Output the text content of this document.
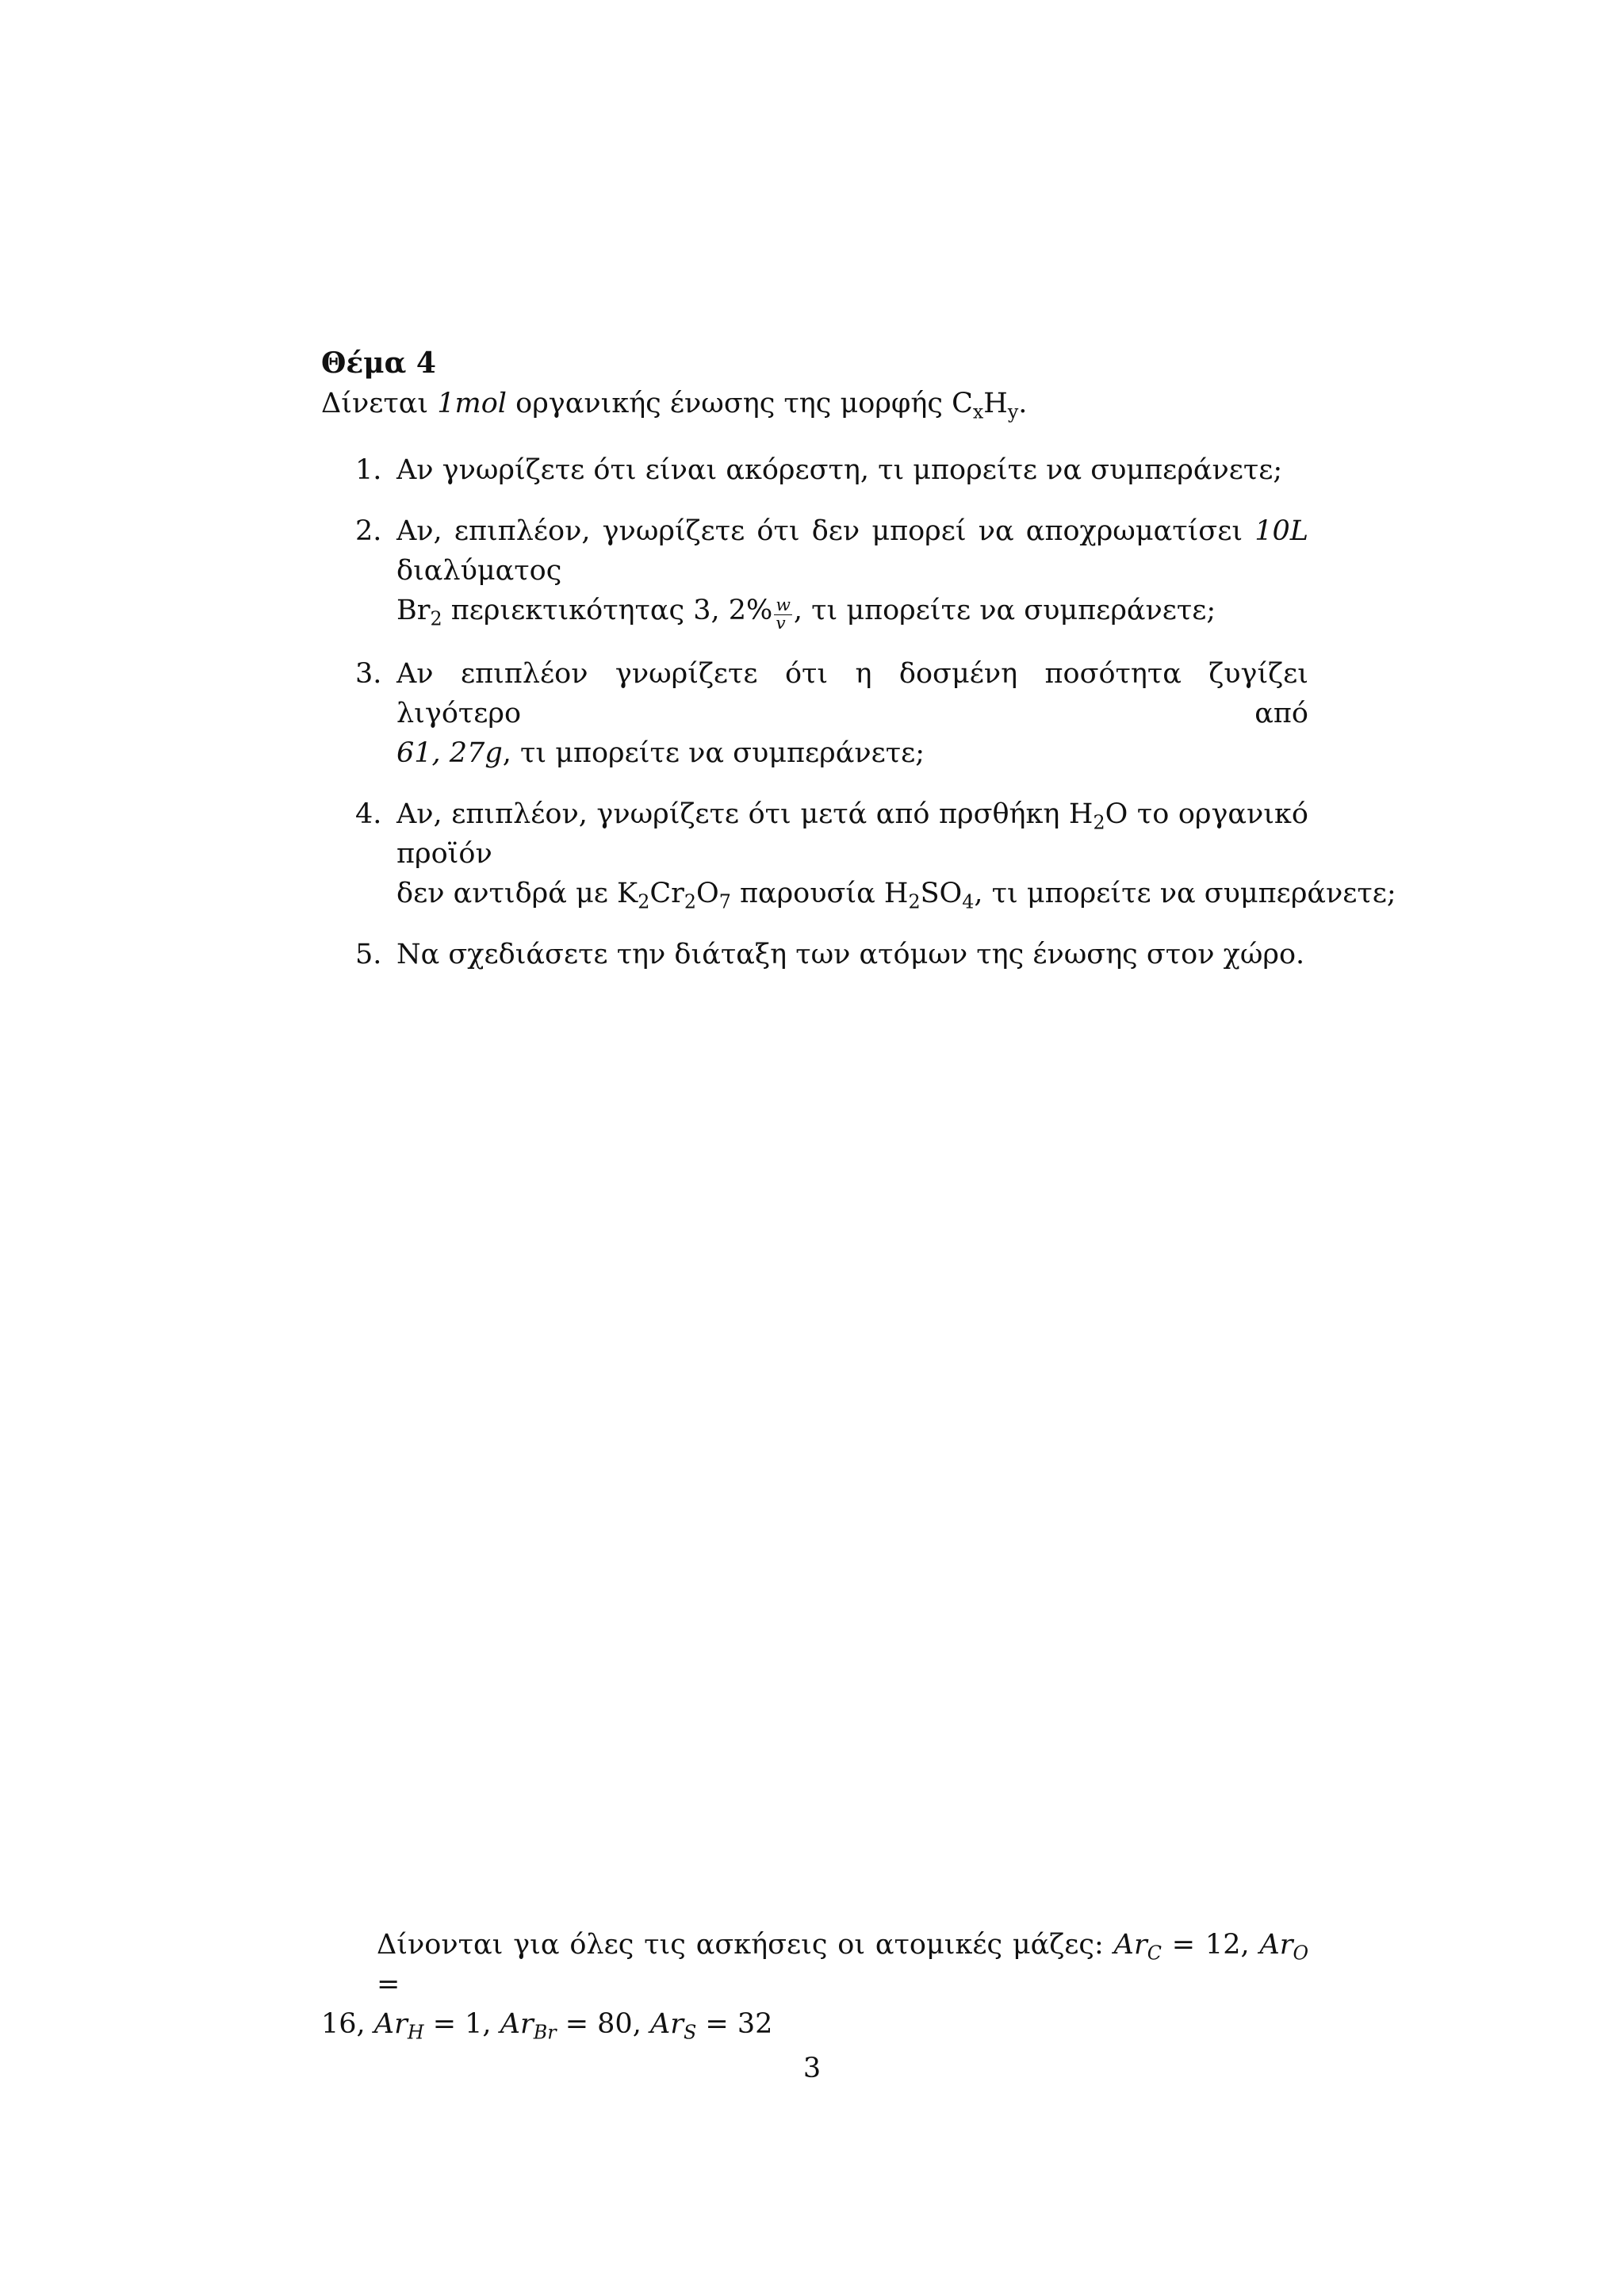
Θέμα 4
Δίνεται 1mol οργανικής ένωσης της μορφής $C_xH_y$.
1. Αν γνωρίζετε ότι είναι ακόρεστη, τι μπορείτε να συμπεράνετε;
2. Αν, επιπλέον, γνωρίζετε ότι δεν μπορεί να αποχρωματίσει 10L διαλύματος
$Br_2$ περιεκτικότητας 3, $2\% \frac{w}{v}$ , τι μπορείτε να συμπεράνετε;
3. Αν επιπλέον γνωρίζετε ότι η δοσμένη ποσότητα ζυγίζει λιγότερο από
61, 27g, τι μπορείτε να συμπεράνετε;
4. Αν, επιπλέον, γνωρίζετε ότι μετά από πρσθήκη $H_2O$ το οργανικό προϊόν
δεν αντιδρά με $K_2Cr_2O_7$ παρουσία $H_2SO_4$, τι μπορείτε να συμπεράνετε;
5. Να σχεδιάσετε την διάταξη των ατόμων της ένωσης στον χώρο.
Δίνονται για όλες τις ασκήσεις οι ατομικές μάζες: $Ar_C = 12$, $Ar_O$ =
16, $Ar_H = 1$, $Ar_{Br} = 80$, $Ar_S = 32$
3
